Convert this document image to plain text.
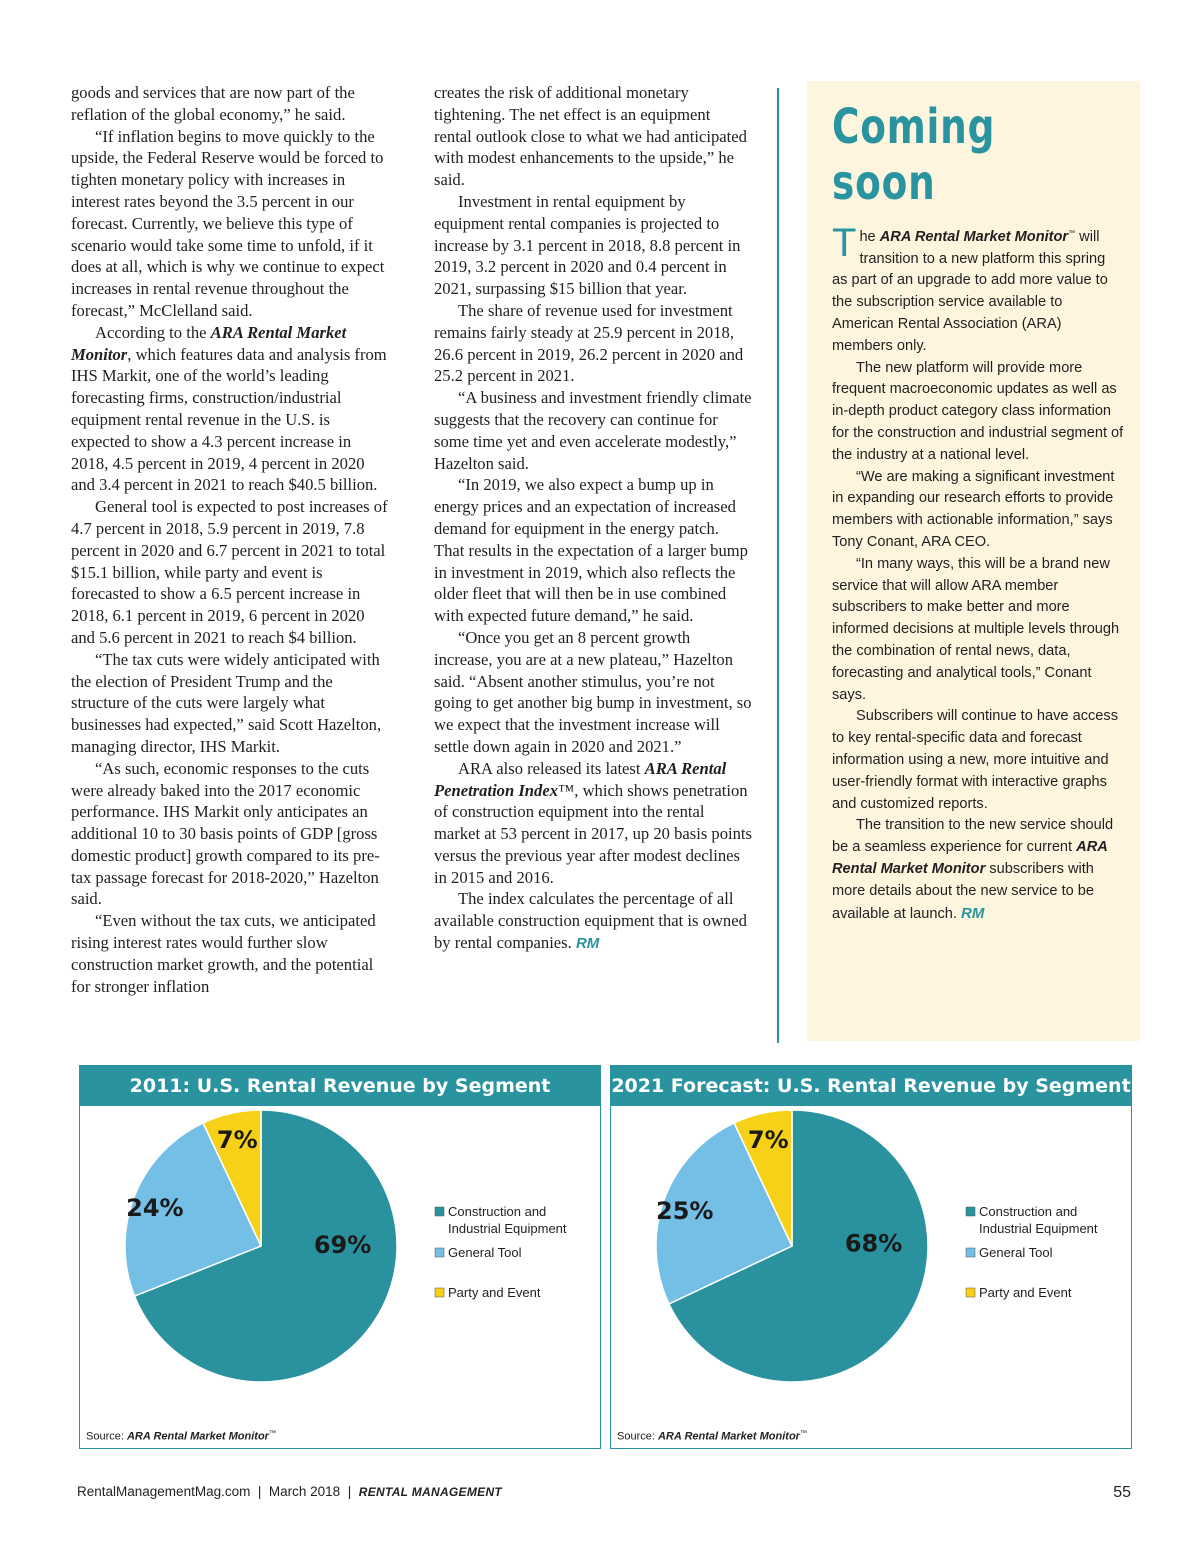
goods and services that are now part of the reflation of the global economy,” he said.

“If inflation begins to move quickly to the upside, the Federal Reserve would be forced to tighten monetary policy with increases in interest rates beyond the 3.5 percent in our forecast. Currently, we believe this type of scenario would take some time to unfold, if it does at all, which is why we continue to expect increases in rental revenue throughout the forecast,” McClelland said.

According to the ARA Rental Market Monitor, which features data and analysis from IHS Markit, one of the world’s leading forecasting firms, construction/industrial equipment rental revenue in the U.S. is expected to show a 4.3 percent increase in 2018, 4.5 percent in 2019, 4 percent in 2020 and 3.4 percent in 2021 to reach $40.5 billion.

General tool is expected to post increases of 4.7 percent in 2018, 5.9 percent in 2019, 7.8 percent in 2020 and 6.7 percent in 2021 to total $15.1 billion, while party and event is forecasted to show a 6.5 percent increase in 2018, 6.1 percent in 2019, 6 percent in 2020 and 5.6 percent in 2021 to reach $4 billion.

“The tax cuts were widely anticipated with the election of President Trump and the structure of the cuts were largely what businesses had expected,” said Scott Hazelton, managing director, IHS Markit.

“As such, economic responses to the cuts were already baked into the 2017 economic performance. IHS Markit only anticipates an additional 10 to 30 basis points of GDP [gross domestic product] growth compared to its pre-tax passage forecast for 2018-2020,” Hazelton said.

“Even without the tax cuts, we anticipated rising interest rates would further slow construction market growth, and the potential for stronger inflation

creates the risk of additional monetary tightening. The net effect is an equipment rental outlook close to what we had anticipated with modest enhancements to the upside,” he said.

Investment in rental equipment by equipment rental companies is projected to increase by 3.1 percent in 2018, 8.8 percent in 2019, 3.2 percent in 2020 and 0.4 percent in 2021, surpassing $15 billion that year.

The share of revenue used for investment remains fairly steady at 25.9 percent in 2018, 26.6 percent in 2019, 26.2 percent in 2020 and 25.2 percent in 2021.

“A business and investment friendly climate suggests that the recovery can continue for some time yet and even accelerate modestly,” Hazelton said.

“In 2019, we also expect a bump up in energy prices and an expectation of increased demand for equipment in the energy patch. That results in the expectation of a larger bump in investment in 2019, which also reflects the older fleet that will then be in use combined with expected future demand,” he said.

“Once you get an 8 percent growth increase, you are at a new plateau,” Hazelton said. “Absent another stimulus, you’re not going to get another big bump in investment, so we expect that the investment increase will settle down again in 2020 and 2021.”

ARA also released its latest ARA Rental Penetration Index™, which shows penetration of construction equipment into the rental market at 53 percent in 2017, up 20 basis points versus the previous year after modest declines in 2015 and 2016.

The index calculates the percentage of all available construction equipment that is owned by rental companies. RM

Coming soon

The ARA Rental Market Monitor™ will transition to a new platform this spring as part of an upgrade to add more value to the subscription service available to American Rental Association (ARA) members only.

The new platform will provide more frequent macroeconomic updates as well as in-depth product category class information for the construction and industrial segment of the industry at a national level.

“We are making a significant investment in expanding our research efforts to provide members with actionable information,” says Tony Conant, ARA CEO.

“In many ways, this will be a brand new service that will allow ARA member subscribers to make better and more informed decisions at multiple levels through the combination of rental news, data, forecasting and analytical tools,” Conant says.

Subscribers will continue to have access to key rental-specific data and forecast information using a new, more intuitive and user-friendly format with interactive graphs and customized reports.

The transition to the new service should be a seamless experience for current ARA Rental Market Monitor subscribers with more details about the new service to be available at launch. RM

2011: U.S. Rental Revenue by Segment
69%
24%
7%
Construction and Industrial Equipment
General Tool
Party and Event
Source: ARA Rental Market Monitor™
2021 Forecast: U.S. Rental Revenue by Segment
68%
25%
7%
Construction and Industrial Equipment
General Tool
Party and Event
Source: ARA Rental Market Monitor™
RentalManagementMag.com | March 2018 | RENTAL MANAGEMENT	55
